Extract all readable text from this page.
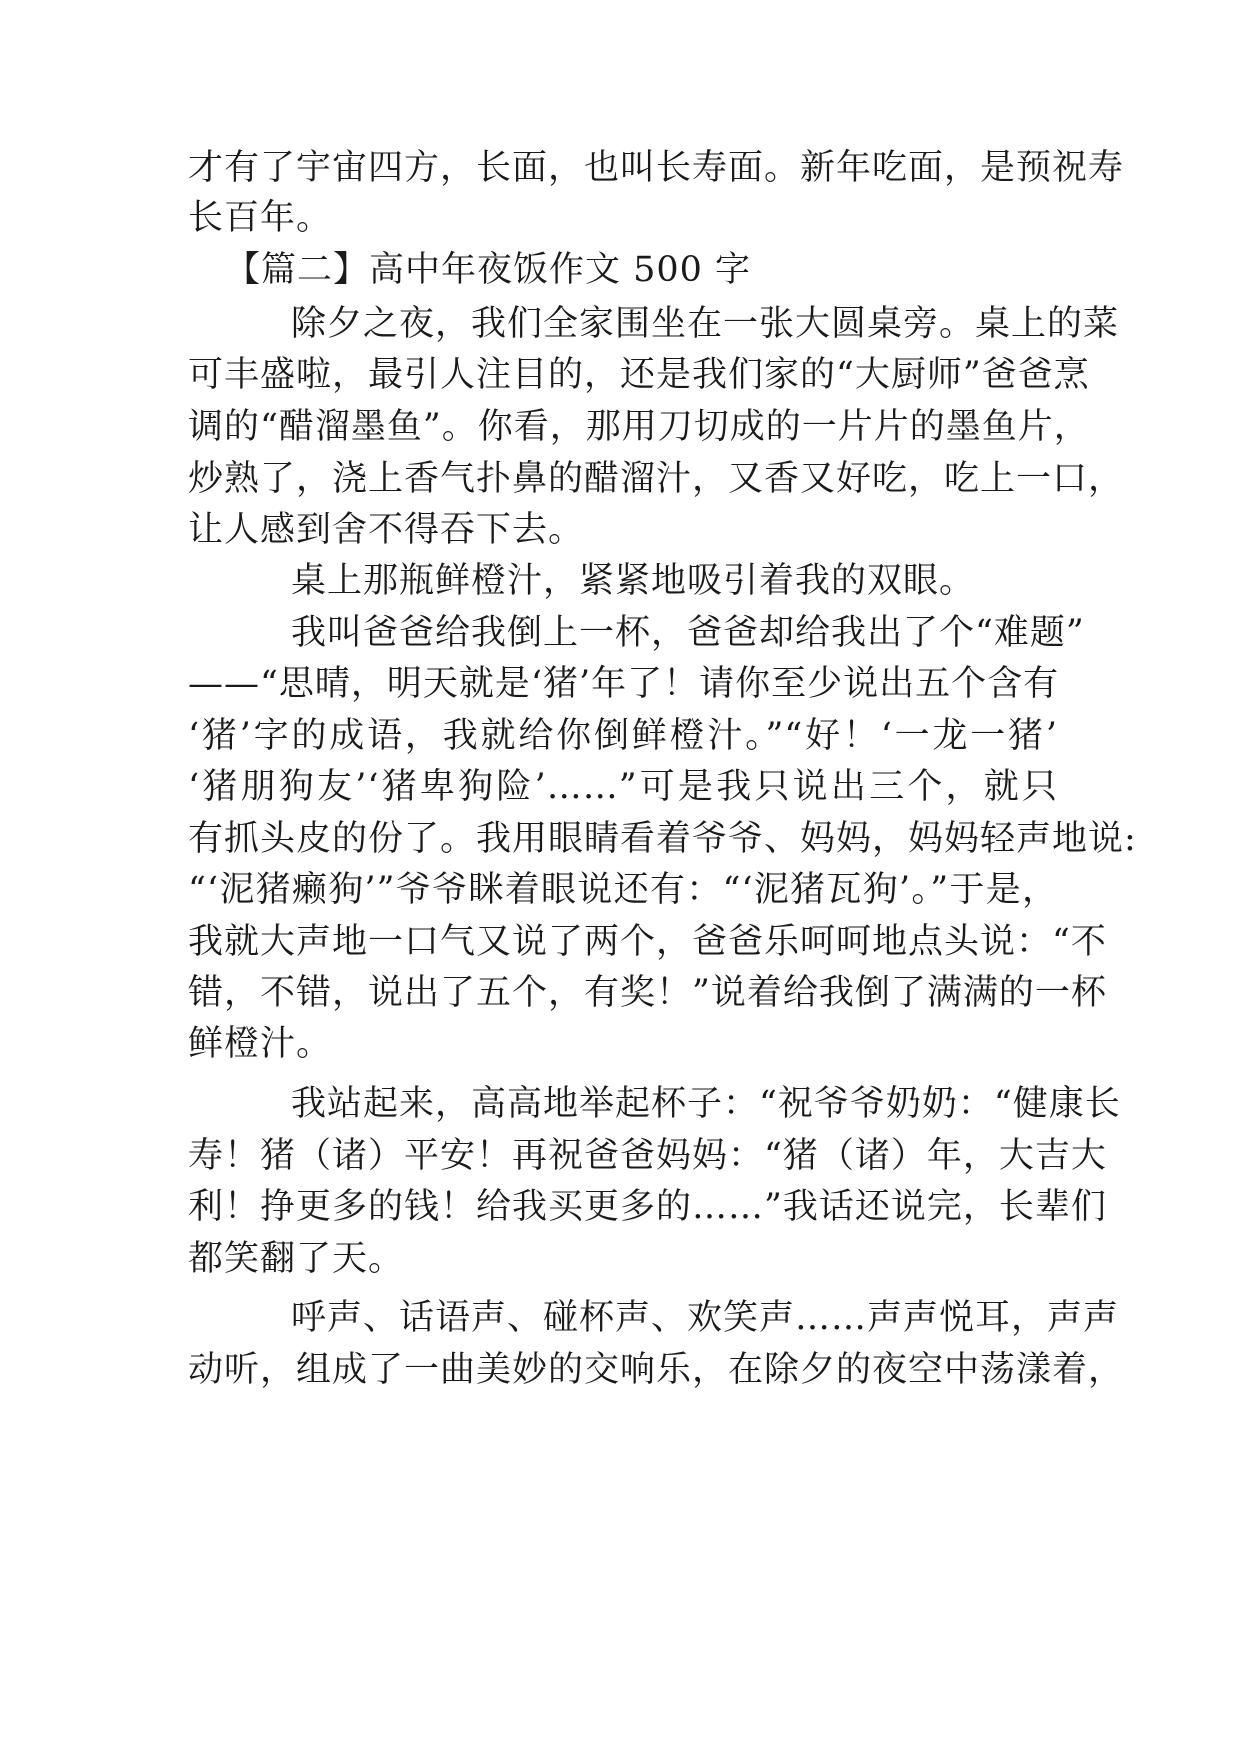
才有了宇宙四方，长面，也叫长寿面。新年吃面，是预祝寿
长百年。
【篇二】高中年夜饭作文 500 字
除夕之夜，我们全家围坐在一张大圆桌旁。桌上的菜
可丰盛啦，最引人注目的，还是我们家的“大厨师”爸爸烹
调的“醋溜墨鱼”。你看，那用刀切成的一片片的墨鱼片，
炒熟了，浇上香气扑鼻的醋溜汁，又香又好吃，吃上一口，
让人感到舍不得吞下去。
桌上那瓶鲜橙汁，紧紧地吸引着我的双眼。
我叫爸爸给我倒上一杯，爸爸却给我出了个“难题”
——“思晴，明天就是‘猪’年了！请你至少说出五个含有
‘猪’字的成语，我就给你倒鲜橙汁。”“好！‘一龙一猪’
‘猪朋狗友’‘猪卑狗险’……”可是我只说出三个，就只
有抓头皮的份了。我用眼睛看着爷爷、妈妈，妈妈轻声地说:
“‘泥猪癞狗’”爷爷眯着眼说还有：“‘泥猪瓦狗’。”于是，
我就大声地一口气又说了两个，爸爸乐呵呵地点头说：“不
错，不错，说出了五个，有奖！”说着给我倒了满满的一杯
鲜橙汁。
我站起来，高高地举起杯子：“祝爷爷奶奶：“健康长
寿！猪（诸）平安！再祝爸爸妈妈：“猪（诸）年，大吉大
利！挣更多的钱！给我买更多的……”我话还说完，长辈们
都笑翻了天。
呼声、话语声、碰杯声、欢笑声……声声悦耳，声声
动听，组成了一曲美妙的交响乐，在除夕的夜空中荡漾着，
